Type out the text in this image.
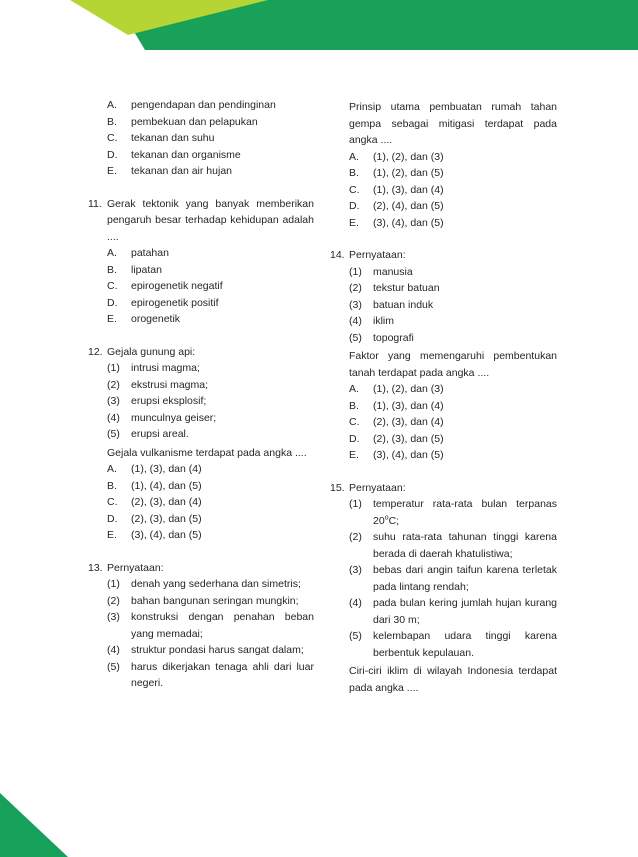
A.	pengendapan dan pendinginan
B.	pembekuan dan pelapukan
C.	tekanan dan suhu
D.	tekanan dan organisme
E.	tekanan dan air hujan
11. Gerak tektonik yang banyak memberikan pengaruh besar terhadap kehidupan adalah ....
A.	patahan
B.	lipatan
C.	epirogenetik negatif
D.	epirogenetik positif
E.	orogenetik
12. Gejala gunung api:
(1)	intrusi magma;
(2)	ekstrusi magma;
(3)	erupsi eksplosif;
(4)	munculnya geiser;
(5)	erupsi areal.
Gejala vulkanisme terdapat pada angka ....
A.	(1), (3), dan (4)
B.	(1), (4), dan (5)
C.	(2), (3), dan (4)
D.	(2), (3), dan (5)
E.	(3), (4), dan (5)
13. Pernyataan:
(1)	denah yang sederhana dan simetris;
(2)	bahan bangunan seringan mungkin;
(3)	konstruksi dengan penahan beban yang memadai;
(4)	struktur pondasi harus sangat dalam;
(5)	harus dikerjakan tenaga ahli dari luar negeri.
Prinsip utama pembuatan rumah tahan gempa sebagai mitigasi terdapat pada angka ....
A.	(1), (2), dan (3)
B.	(1), (2), dan (5)
C.	(1), (3), dan (4)
D.	(2), (4), dan (5)
E.	(3), (4), dan (5)
14. Pernyataan:
(1)	manusia
(2)	tekstur batuan
(3)	batuan induk
(4)	iklim
(5)	topografi
Faktor yang memengaruhi pembentukan tanah terdapat pada angka ....
A.	(1), (2), dan (3)
B.	(1), (3), dan (4)
C.	(2), (3), dan (4)
D.	(2), (3), dan (5)
E.	(3), (4), dan (5)
15. Pernyataan:
(1)	temperatur rata-rata bulan terpanas 20$^o$C;
(2)	suhu rata-rata tahunan tinggi karena berada di daerah khatulistiwa;
(3)	bebas dari angin taifun karena terletak pada lintang rendah;
(4)	pada bulan kering jumlah hujan kurang dari 30 m;
(5)	kelembapan udara tinggi karena berbentuk kepulauan.
Ciri-ciri iklim di wilayah Indonesia terdapat pada angka ....
